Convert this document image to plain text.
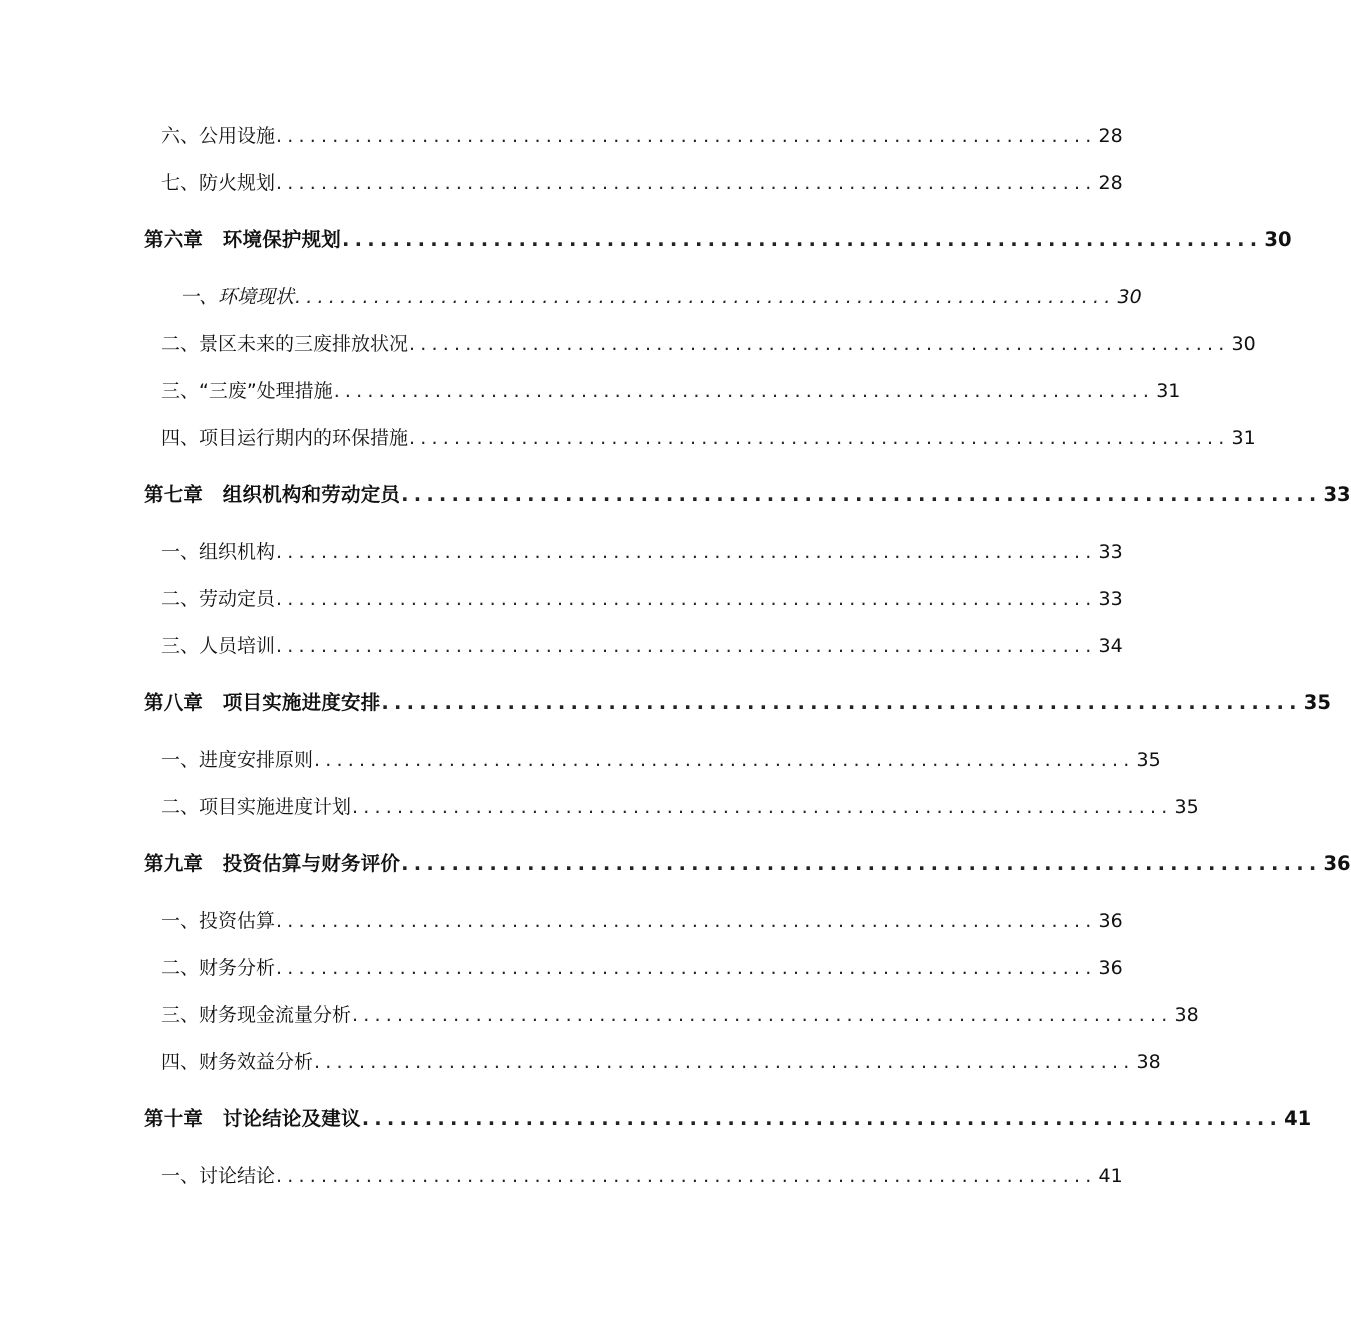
六、公用设施 ......................................................................... 28
七、防火规划 ......................................................................... 28
第六章　环境保护规划 ......................................................................... 30
一、环境现状 ......................................................................... 30
二、景区未来的三废排放状况 ......................................................................... 30
三、“三废”处理措施 ......................................................................... 31
四、项目运行期内的环保措施 ......................................................................... 31
第七章　组织机构和劳动定员 ......................................................................... 33
一、组织机构 ......................................................................... 33
二、劳动定员 ......................................................................... 33
三、人员培训 ......................................................................... 34
第八章　项目实施进度安排 ......................................................................... 35
一、进度安排原则 ......................................................................... 35
二、项目实施进度计划 ......................................................................... 35
第九章　投资估算与财务评价 ......................................................................... 36
一、投资估算 ......................................................................... 36
二、财务分析 ......................................................................... 36
三、财务现金流量分析 ......................................................................... 38
四、财务效益分析 ......................................................................... 38
第十章　讨论结论及建议 ......................................................................... 41
一、讨论结论 ......................................................................... 41
